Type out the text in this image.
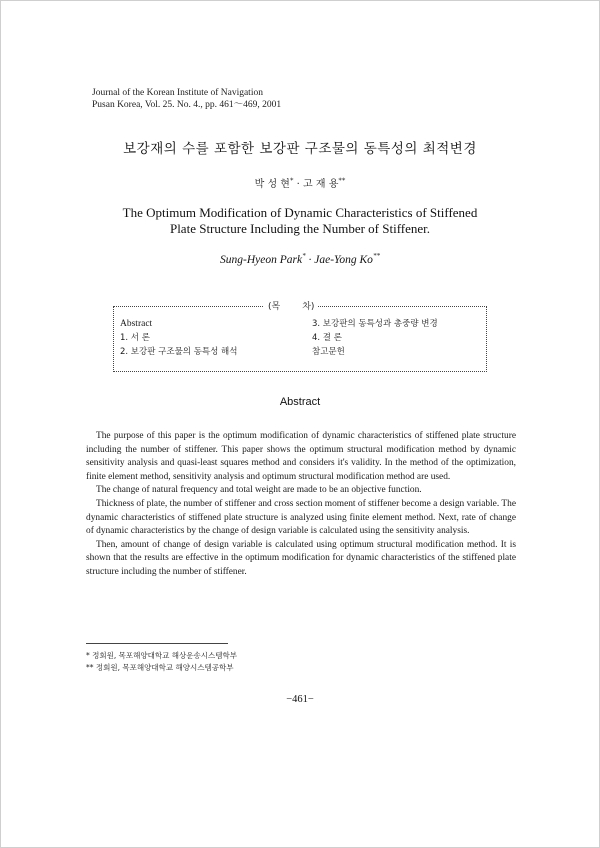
Journal of the Korean Institute of Navigation
Pusan Korea, Vol. 25. No. 4., pp. 461～469, 2001
보강재의 수를 포함한 보강판 구조물의 동특성의 최적변경
박 성 현* · 고 재 용**
The Optimum Modification of Dynamic Characteristics of Stiffened
Plate Structure Including the Number of Stiffener.
Sung-Hyeon Park* · Jae-Yong Ko**
(목 차)
Abstract
1. 서 론
2. 보강판 구조물의 동특성 해석
3. 보강판의 동특성과 총중량 변경
4. 결 론
참고문헌
Abstract

The purpose of this paper is the optimum modification of dynamic characteristics of stiffened plate structure including the number of stiffener. This paper shows the optimum structural modification method by dynamic sensitivity analysis and quasi-least squares method and considers it's validity. In the method of the optimization, finite element method, sensitivity analysis and optimum structural modification method are used.

The change of natural frequency and total weight are made to be an objective function.

Thickness of plate, the number of stiffener and cross section moment of stiffener become a design variable. The dynamic characteristics of stiffened plate structure is analyzed using finite element method. Next, rate of change of dynamic characteristics by the change of design variable is calculated using the sensitivity analysis.

Then, amount of change of design variable is calculated using optimum structural modification method. It is shown that the results are effective in the optimum modification for dynamic characteristics of the stiffened plate structure including the number of stiffener.

* 정회원, 목포해양대학교 해상운송시스템학부
** 정회원, 목포해양대학교 해양시스템공학부
−461−
